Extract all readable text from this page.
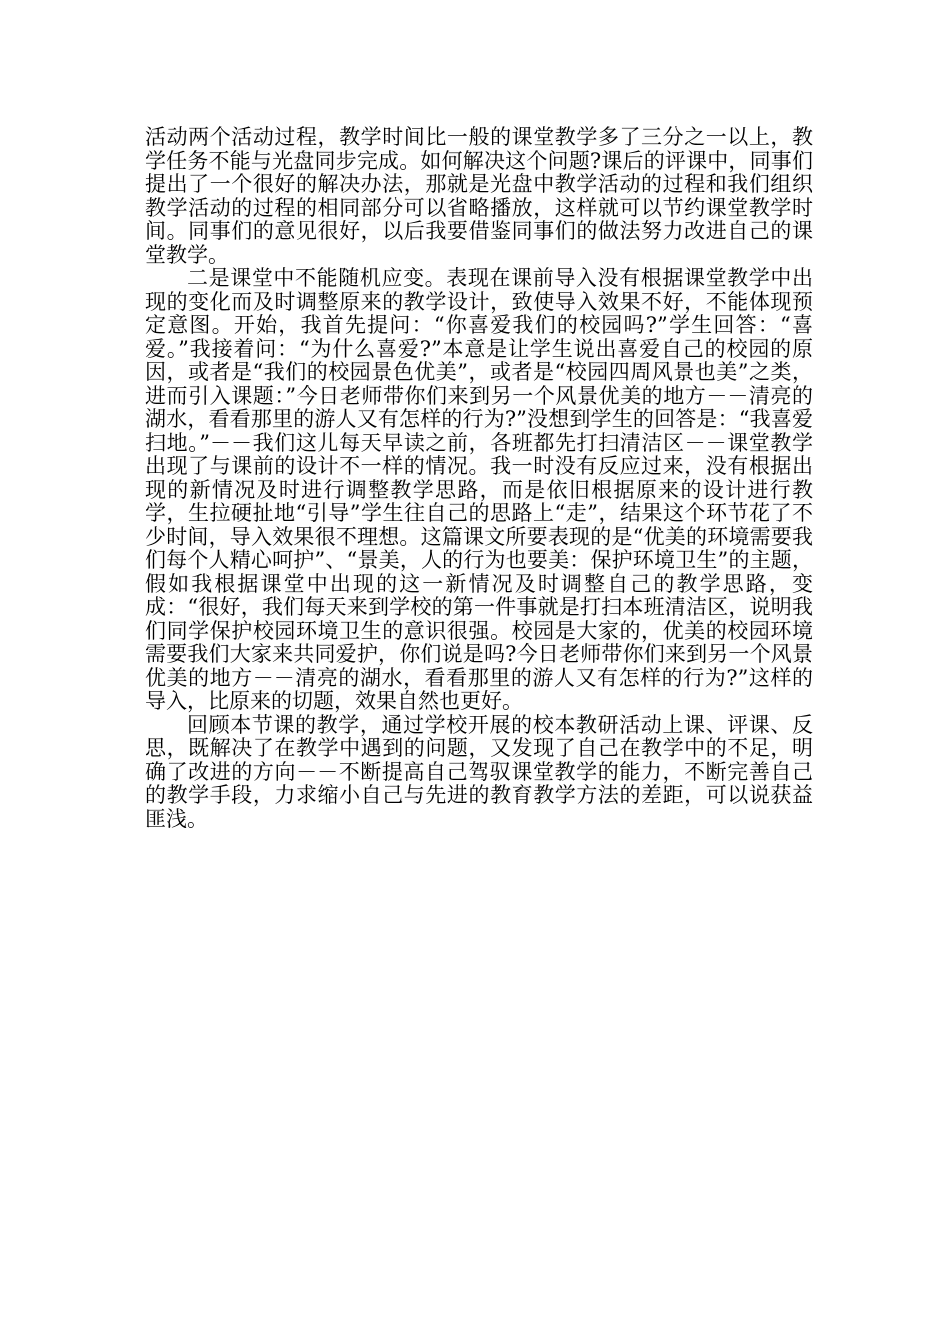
活动两个活动过程，教学时间比一般的课堂教学多了三分之一以上，教学任务不能与光盘同步完成。如何解决这个问题?课后的评课中，同事们提出了一个很好的解决办法，那就是光盘中教学活动的过程和我们组织教学活动的过程的相同部分可以省略播放，这样就可以节约课堂教学时间。同事们的意见很好，以后我要借鉴同事们的做法努力改进自己的课堂教学。

二是课堂中不能随机应变。表现在课前导入没有根据课堂教学中出现的变化而及时调整原来的教学设计，致使导入效果不好，不能体现预定意图。开始，我首先提问：“你喜爱我们的校园吗?”学生回答：“喜爱。”我接着问：“为什么喜爱?”本意是让学生说出喜爱自己的校园的原因，或者是“我们的校园景色优美”，或者是“校园四周风景也美”之类，进而引入课题：”今日老师带你们来到另一个风景优美的地方－－清亮的湖水，看看那里的游人又有怎样的行为?”没想到学生的回答是：“我喜爱扫地。”－－我们这儿每天早读之前，各班都先打扫清洁区－－课堂教学出现了与课前的设计不一样的情况。我一时没有反应过来，没有根据出现的新情况及时进行调整教学思路，而是依旧根据原来的设计进行教学，生拉硬扯地“引导”学生往自己的思路上“走”，结果这个环节花了不少时间，导入效果很不理想。这篇课文所要表现的是“优美的环境需要我们每个人精心呵护”、“景美，人的行为也要美：保护环境卫生”的主题，假如我根据课堂中出现的这一新情况及时调整自己的教学思路，变成：“很好，我们每天来到学校的第一件事就是打扫本班清洁区，说明我们同学保护校园环境卫生的意识很强。校园是大家的，优美的校园环境需要我们大家来共同爱护，你们说是吗?今日老师带你们来到另一个风景优美的地方－－清亮的湖水，看看那里的游人又有怎样的行为?”这样的导入，比原来的切题，效果自然也更好。

回顾本节课的教学，通过学校开展的校本教研活动上课、评课、反思，既解决了在教学中遇到的问题，又发现了自己在教学中的不足，明确了改进的方向－－不断提高自己驾驭课堂教学的能力，不断完善自己的教学手段，力求缩小自己与先进的教育教学方法的差距，可以说获益匪浅。
